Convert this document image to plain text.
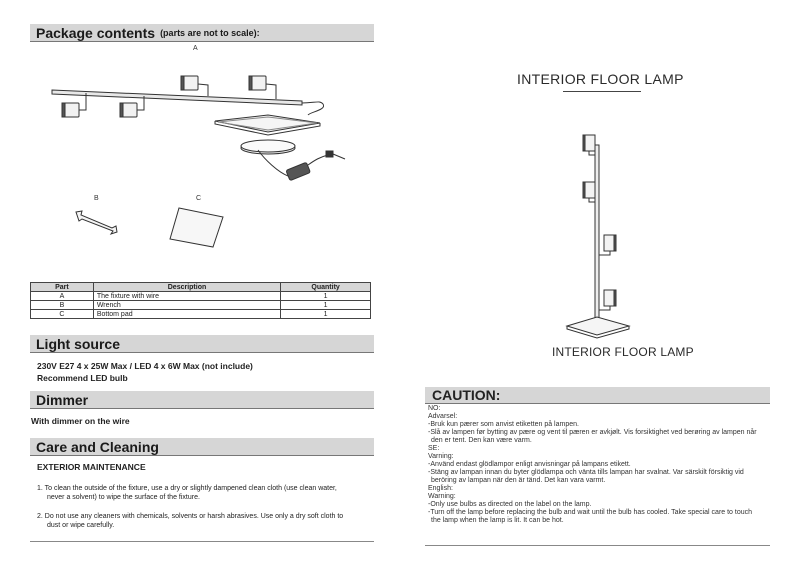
Package contents (parts are not to scale):
A
B	C
Part	Description	Quantity
A	The fixture with wire	1
B	Wrench	1
C	Bottom pad	1
Light source
230V E27 4 x 25W Max / LED 4 x 6W Max (not include)
Recommend LED bulb
Dimmer
With dimmer on the wire
Care and Cleaning
EXTERIOR MAINTENANCE
1. To clean the outside of the fixture, use a dry or slightly dampened clean cloth (use clean water,
never a solvent) to wipe the surface of the fixture.
2. Do not use any cleaners with chemicals, solvents or harsh abrasives. Use only a dry soft cloth to
dust or wipe carefully.
INTERIOR FLOOR LAMP
INTERIOR FLOOR LAMP
CAUTION:
NO:
Advarsel:
-Bruk kun pærer som anvist etiketten på lampen.
-Slå av lampen før bytting av pære og vent til pæren er avkjølt. Vis forsiktighet ved berøring av lampen når
den er tent. Den kan være varm.
SE:
Varning:
-Använd endast glödlampor enligt anvisningar på lampans etikett.
-Stäng av lampan innan du byter glödlampa och vänta tills lampan har svalnat. Var särskilt försiktig vid
beröring av lampan när den är tänd. Det kan vara varmt.
English:
Warning:
-Only use bulbs as directed on the label on the lamp.
-Turn off the lamp before replacing the bulb and wait until the bulb has cooled. Take special care to touch
the lamp when the lamp is lit. It can be hot.
